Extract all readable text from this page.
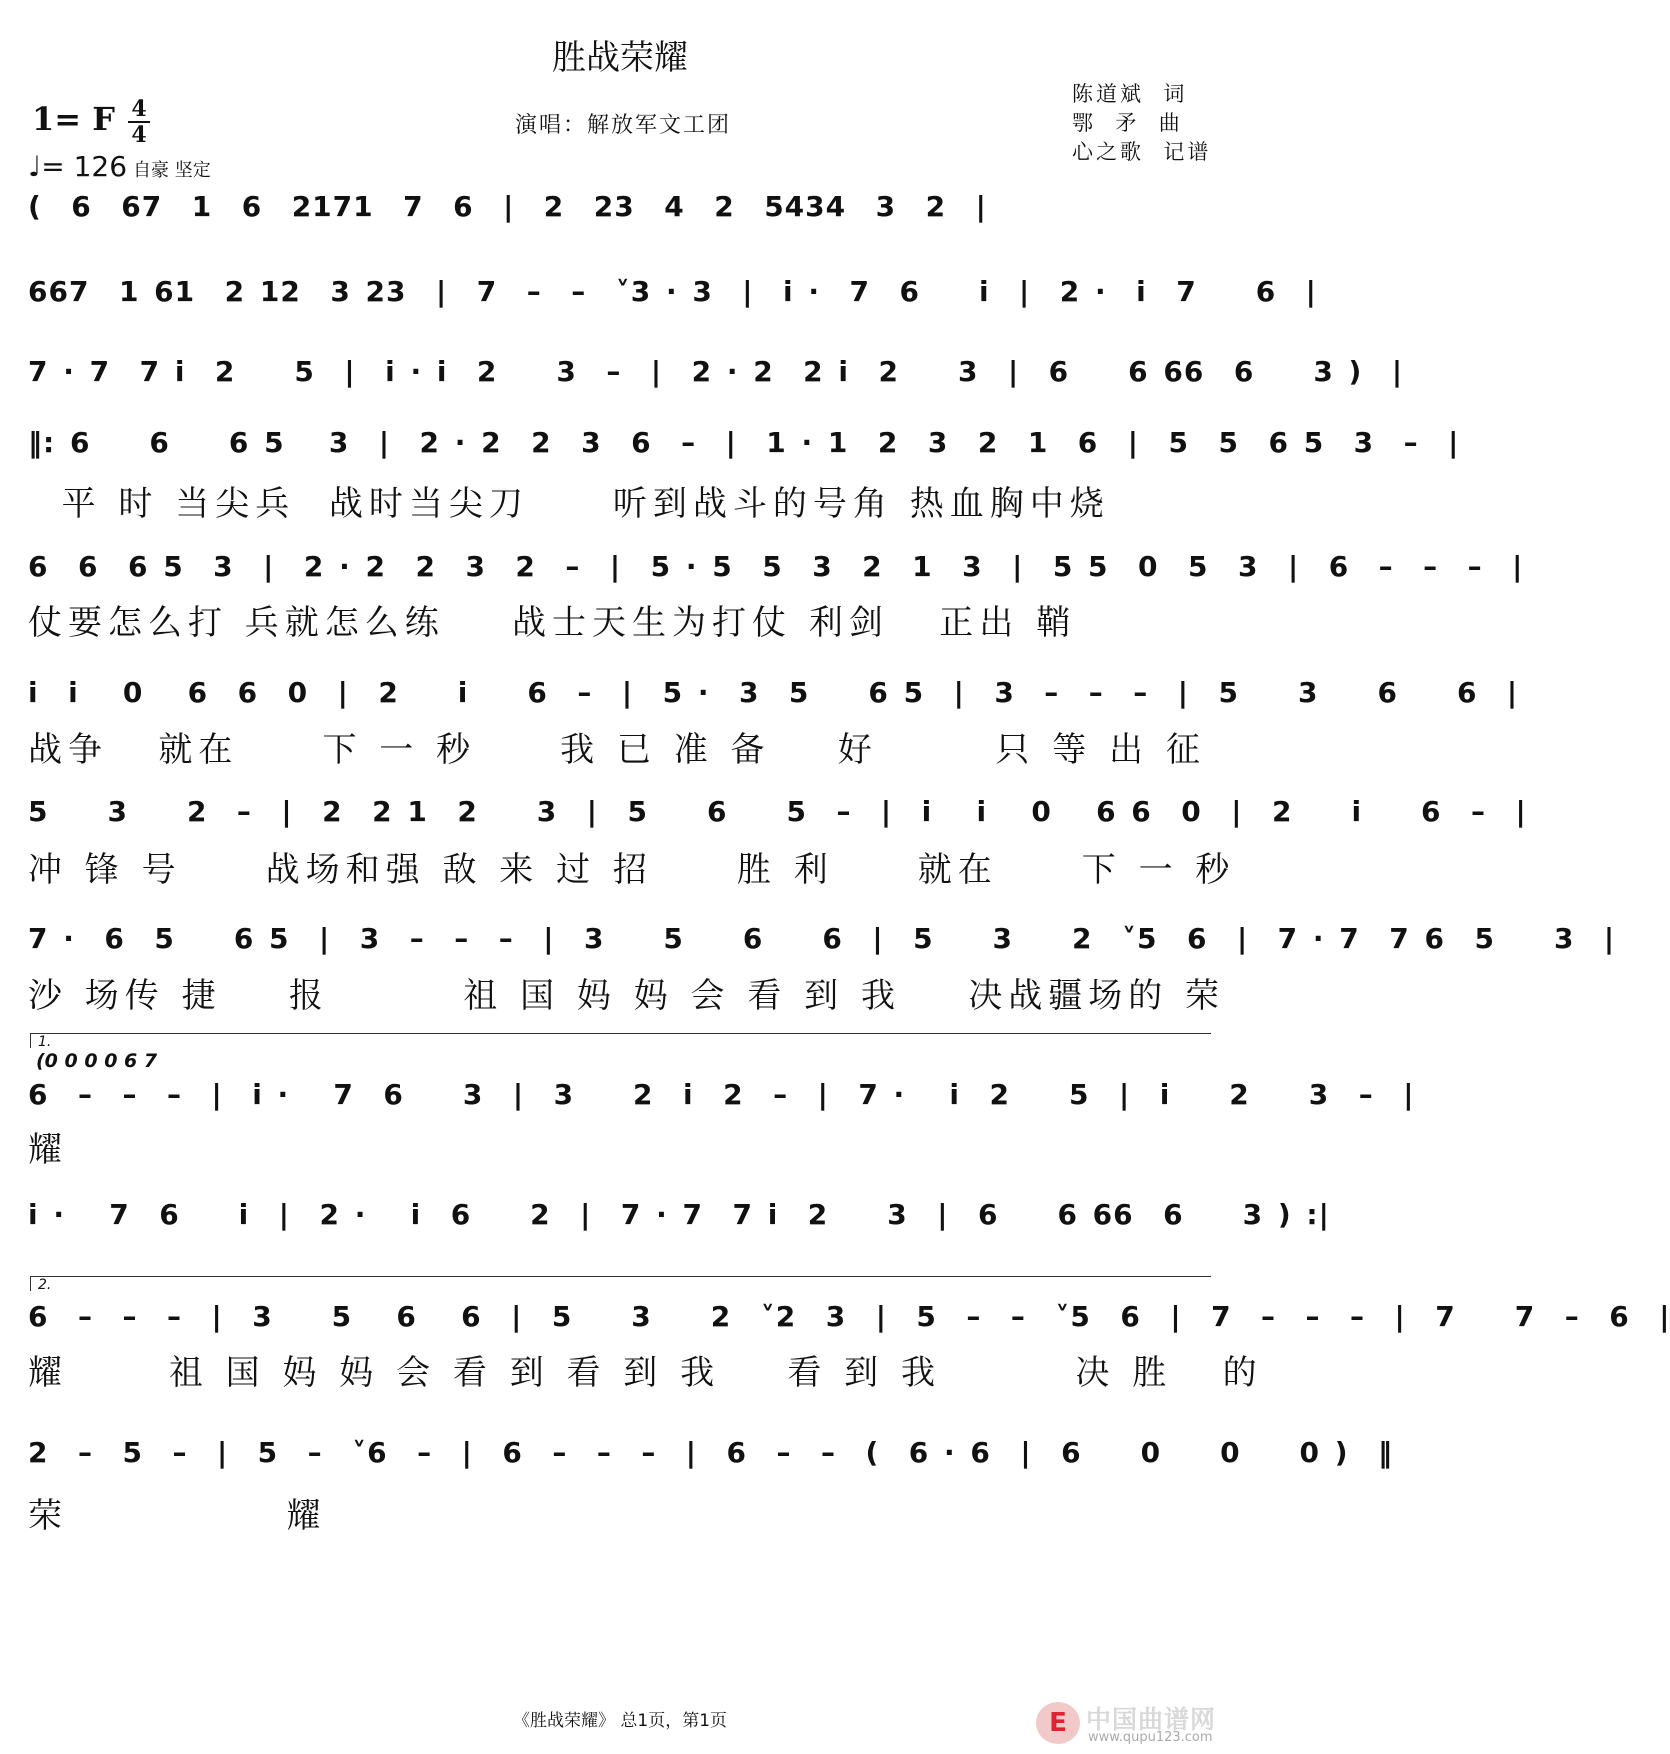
胜战荣耀
1= F 4
4
♩= 126 自豪 坚定
演唱：解放军文工团
陈道斌  词
鄂  矛  曲
心之歌  记谱
(  6  67  1  6  2171  7  6  |  2  23  4  2  5434  3  2  |
667  1 61  2 12  3 23  |  7  –  –  ˅3 · 3  |  i ·  7  6    i  |  2 ·  i  7    6  |
7 · 7  7 i  2    5  |  i · i  2    3  –  |  2 · 2  2 i  2    3  |  6    6 66  6    3 )  |
‖: 6    6    6 5   3  |  2 · 2  2  3  6  –  |  1 · 1  2  3  2  1  6  |  5  5  6 5  3  –  |
平 时 当尖兵  战时当尖刀     听到战斗的号角 热血胸中烧
6  6  6 5  3  |  2 · 2  2  3  2  –  |  5 · 5  5  3  2  1  3  |  5 5  0  5  3  |  6  –  –  –  |
仗要怎么打 兵就怎么练    战士天生为打仗 利剑   正出 鞘
i  i   0   6  6  0  |  2    i    6  –  |  5 ·  3  5    6 5  |  3  –  –  –  |  5    3    6    6  |
战争   就在     下 一 秒     我 已 准 备    好       只 等 出 征
5    3    2  –  |  2  2 1  2    3  |  5    6    5  –  |  i   i   0   6 6  0  |  2    i    6  –  |
冲 锋 号     战场和强 敌 来 过 招     胜 利     就在     下 一 秒
7 ·  6  5    6 5  |  3  –  –  –  |  3    5    6    6  |  5    3    2  ˅5  6  |  7 · 7  7 6  5    3  |
沙 场传 捷    报        祖 国 妈 妈 会 看 到 我    决战疆场的 荣
1.
(0 0 0 0 6 7
6  –  –  –  |  i ·   7  6    3  |  3    2  i  2  –  |  7 ·   i  2    5  |  i    2    3  –  |
耀
i ·   7  6    i  |  2 ·   i  6    2  |  7 · 7  7 i  2    3  |  6    6 66  6    3 ) :|
2.
6  –  –  –  |  3    5   6   6  |  5    3    2  ˅2  3  |  5  –  –  ˅5  6  |  7  –  –  –  |  7    7  –  6  |
耀      祖 国 妈 妈 会 看 到 看 到 我    看 到 我        决 胜   的
2  –  5  –  |  5  –  ˅6  –  |  6  –  –  –  |  6  –  –  (  6 · 6  |  6    0    0    0 )  ‖
荣             耀
《胜战荣耀》 总1页，第1页	E 中国曲谱网
www.qupu123.com
